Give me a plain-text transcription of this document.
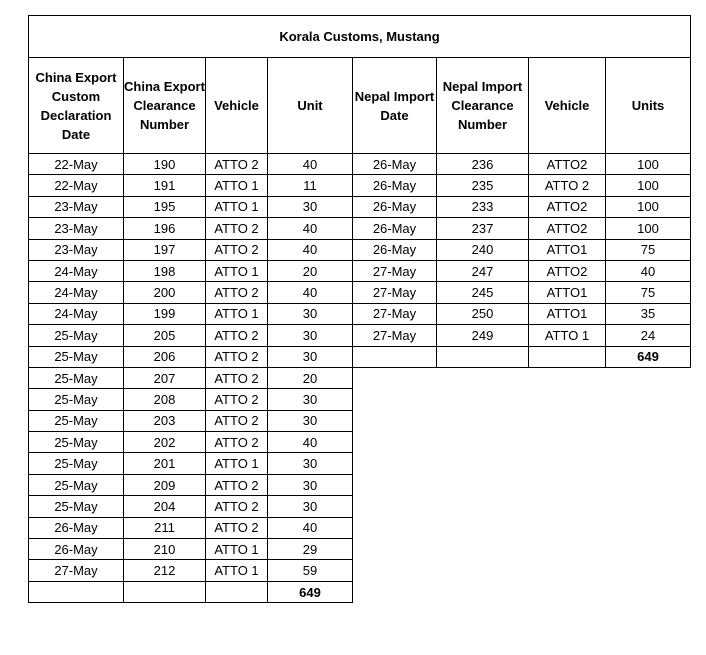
Korala Customs, Mustang							
China Export Custom Declaration Date	China Export Clearance Number	Vehicle	Unit	Nepal Import Date	Nepal Import Clearance Number	Vehicle	Units
22-May	190	ATTO 2	40	26-May	236	ATTO2	100
22-May	191	ATTO 1	11	26-May	235	ATTO 2	100
23-May	195	ATTO 1	30	26-May	233	ATTO2	100
23-May	196	ATTO 2	40	26-May	237	ATTO2	100
23-May	197	ATTO 2	40	26-May	240	ATTO1	75
24-May	198	ATTO 1	20	27-May	247	ATTO2	40
24-May	200	ATTO 2	40	27-May	245	ATTO1	75
24-May	199	ATTO 1	30	27-May	250	ATTO1	35
25-May	205	ATTO 2	30	27-May	249	ATTO 1	24
25-May	206	ATTO 2	30				649
25-May	207	ATTO 2	20				
25-May	208	ATTO 2	30				
25-May	203	ATTO 2	30				
25-May	202	ATTO 2	40				
25-May	201	ATTO 1	30				
25-May	209	ATTO 2	30				
25-May	204	ATTO 2	30				
26-May	211	ATTO 2	40				
26-May	210	ATTO 1	29				
27-May	212	ATTO 1	59				
			649				
